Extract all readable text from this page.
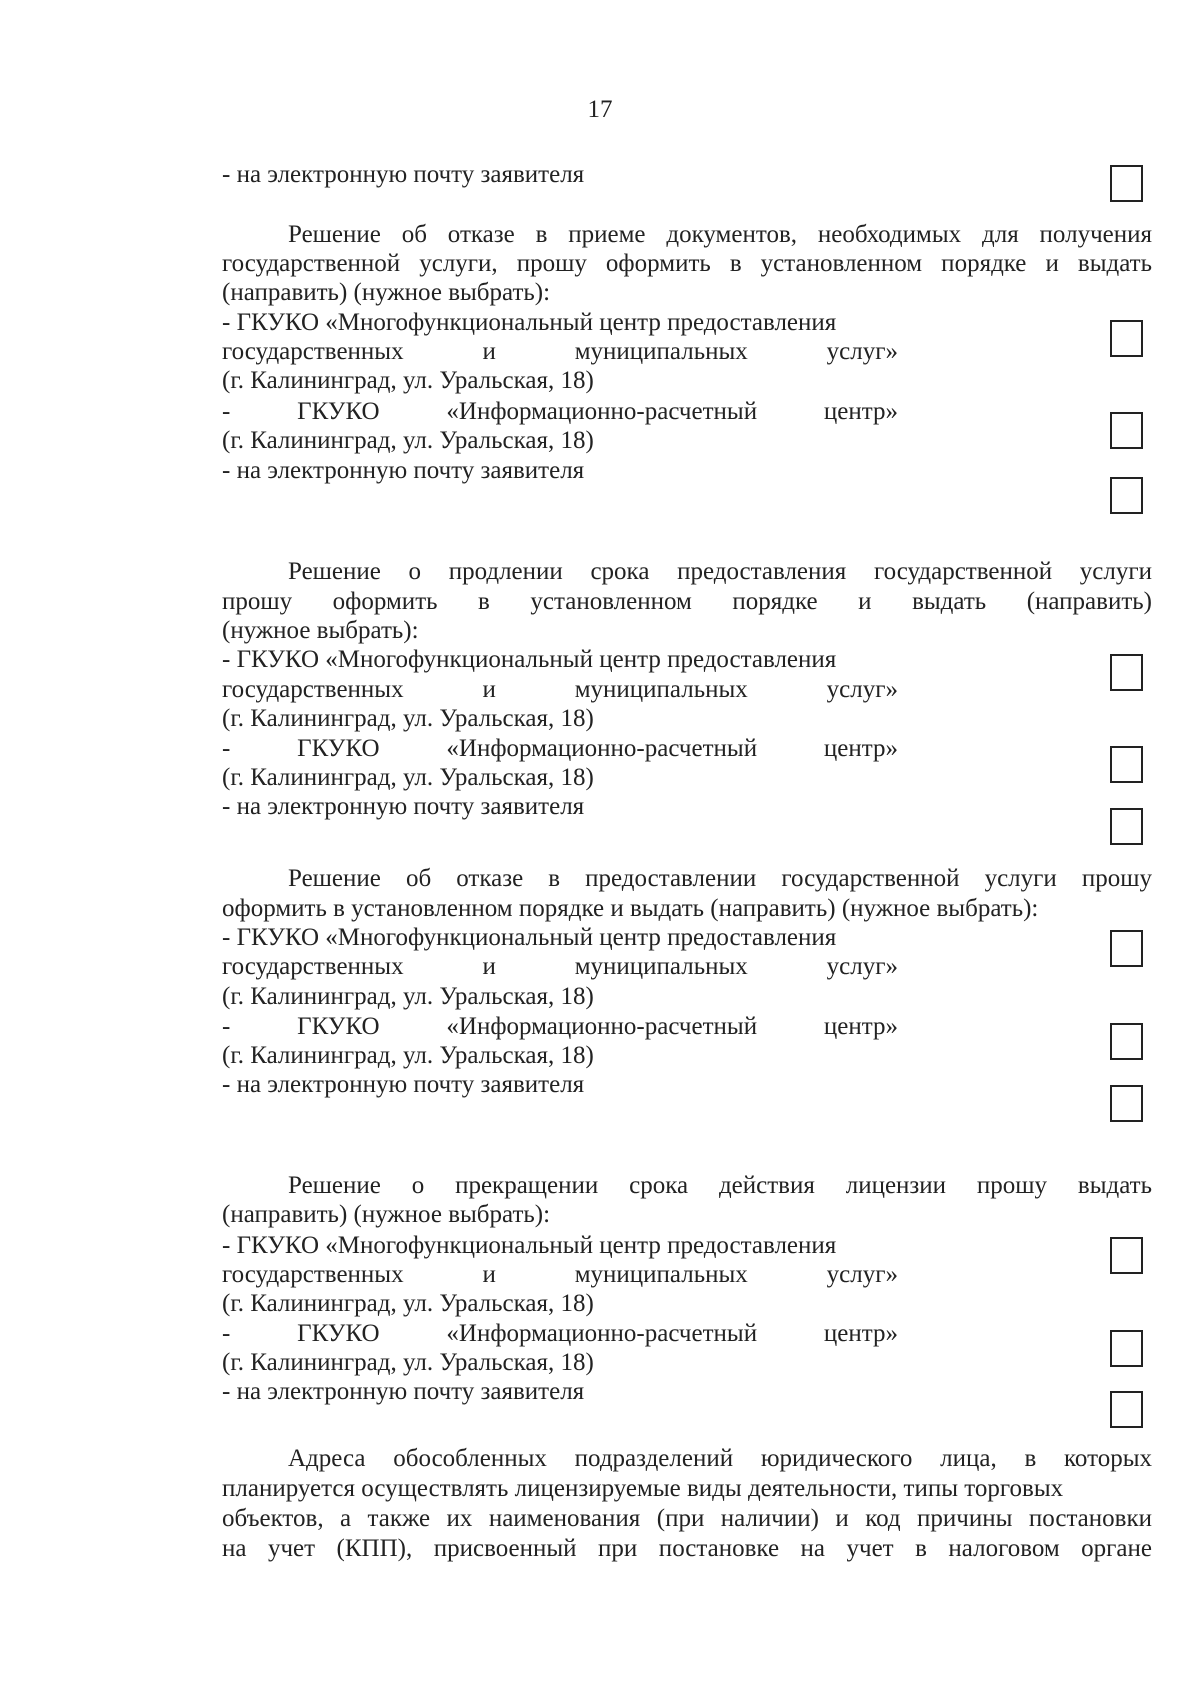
17
- на электронную почту заявителя
Решение об отказе в приеме документов, необходимых для получения
государственной услуги, прошу оформить в установленном порядке и выдать
(направить) (нужное выбрать):
- ГКУКО «Многофункциональный центр предоставления
государственных и муниципальных услуг»
(г. Калининград, ул. Уральская, 18)
- ГКУКО «Информационно-расчетный центр»
(г. Калининград, ул. Уральская, 18)
- на электронную почту заявителя
Решение о продлении срока предоставления государственной услуги
прошу оформить в установленном порядке и выдать (направить)
(нужное выбрать):
- ГКУКО «Многофункциональный центр предоставления
государственных и муниципальных услуг»
(г. Калининград, ул. Уральская, 18)
- ГКУКО «Информационно-расчетный центр»
(г. Калининград, ул. Уральская, 18)
- на электронную почту заявителя
Решение об отказе в предоставлении государственной услуги прошу
оформить в установленном порядке и выдать (направить) (нужное выбрать):
- ГКУКО «Многофункциональный центр предоставления
государственных и муниципальных услуг»
(г. Калининград, ул. Уральская, 18)
- ГКУКО «Информационно-расчетный центр»
(г. Калининград, ул. Уральская, 18)
- на электронную почту заявителя
Решение о прекращении срока действия лицензии прошу выдать
(направить) (нужное выбрать):
- ГКУКО «Многофункциональный центр предоставления
государственных и муниципальных услуг»
(г. Калининград, ул. Уральская, 18)
- ГКУКО «Информационно-расчетный центр»
(г. Калининград, ул. Уральская, 18)
- на электронную почту заявителя
Адреса обособленных подразделений юридического лица, в которых
планируется осуществлять лицензируемые виды деятельности, типы торговых
объектов, а также их наименования (при наличии) и код причины постановки
на учет (КПП), присвоенный при постановке на учет в налоговом органе
